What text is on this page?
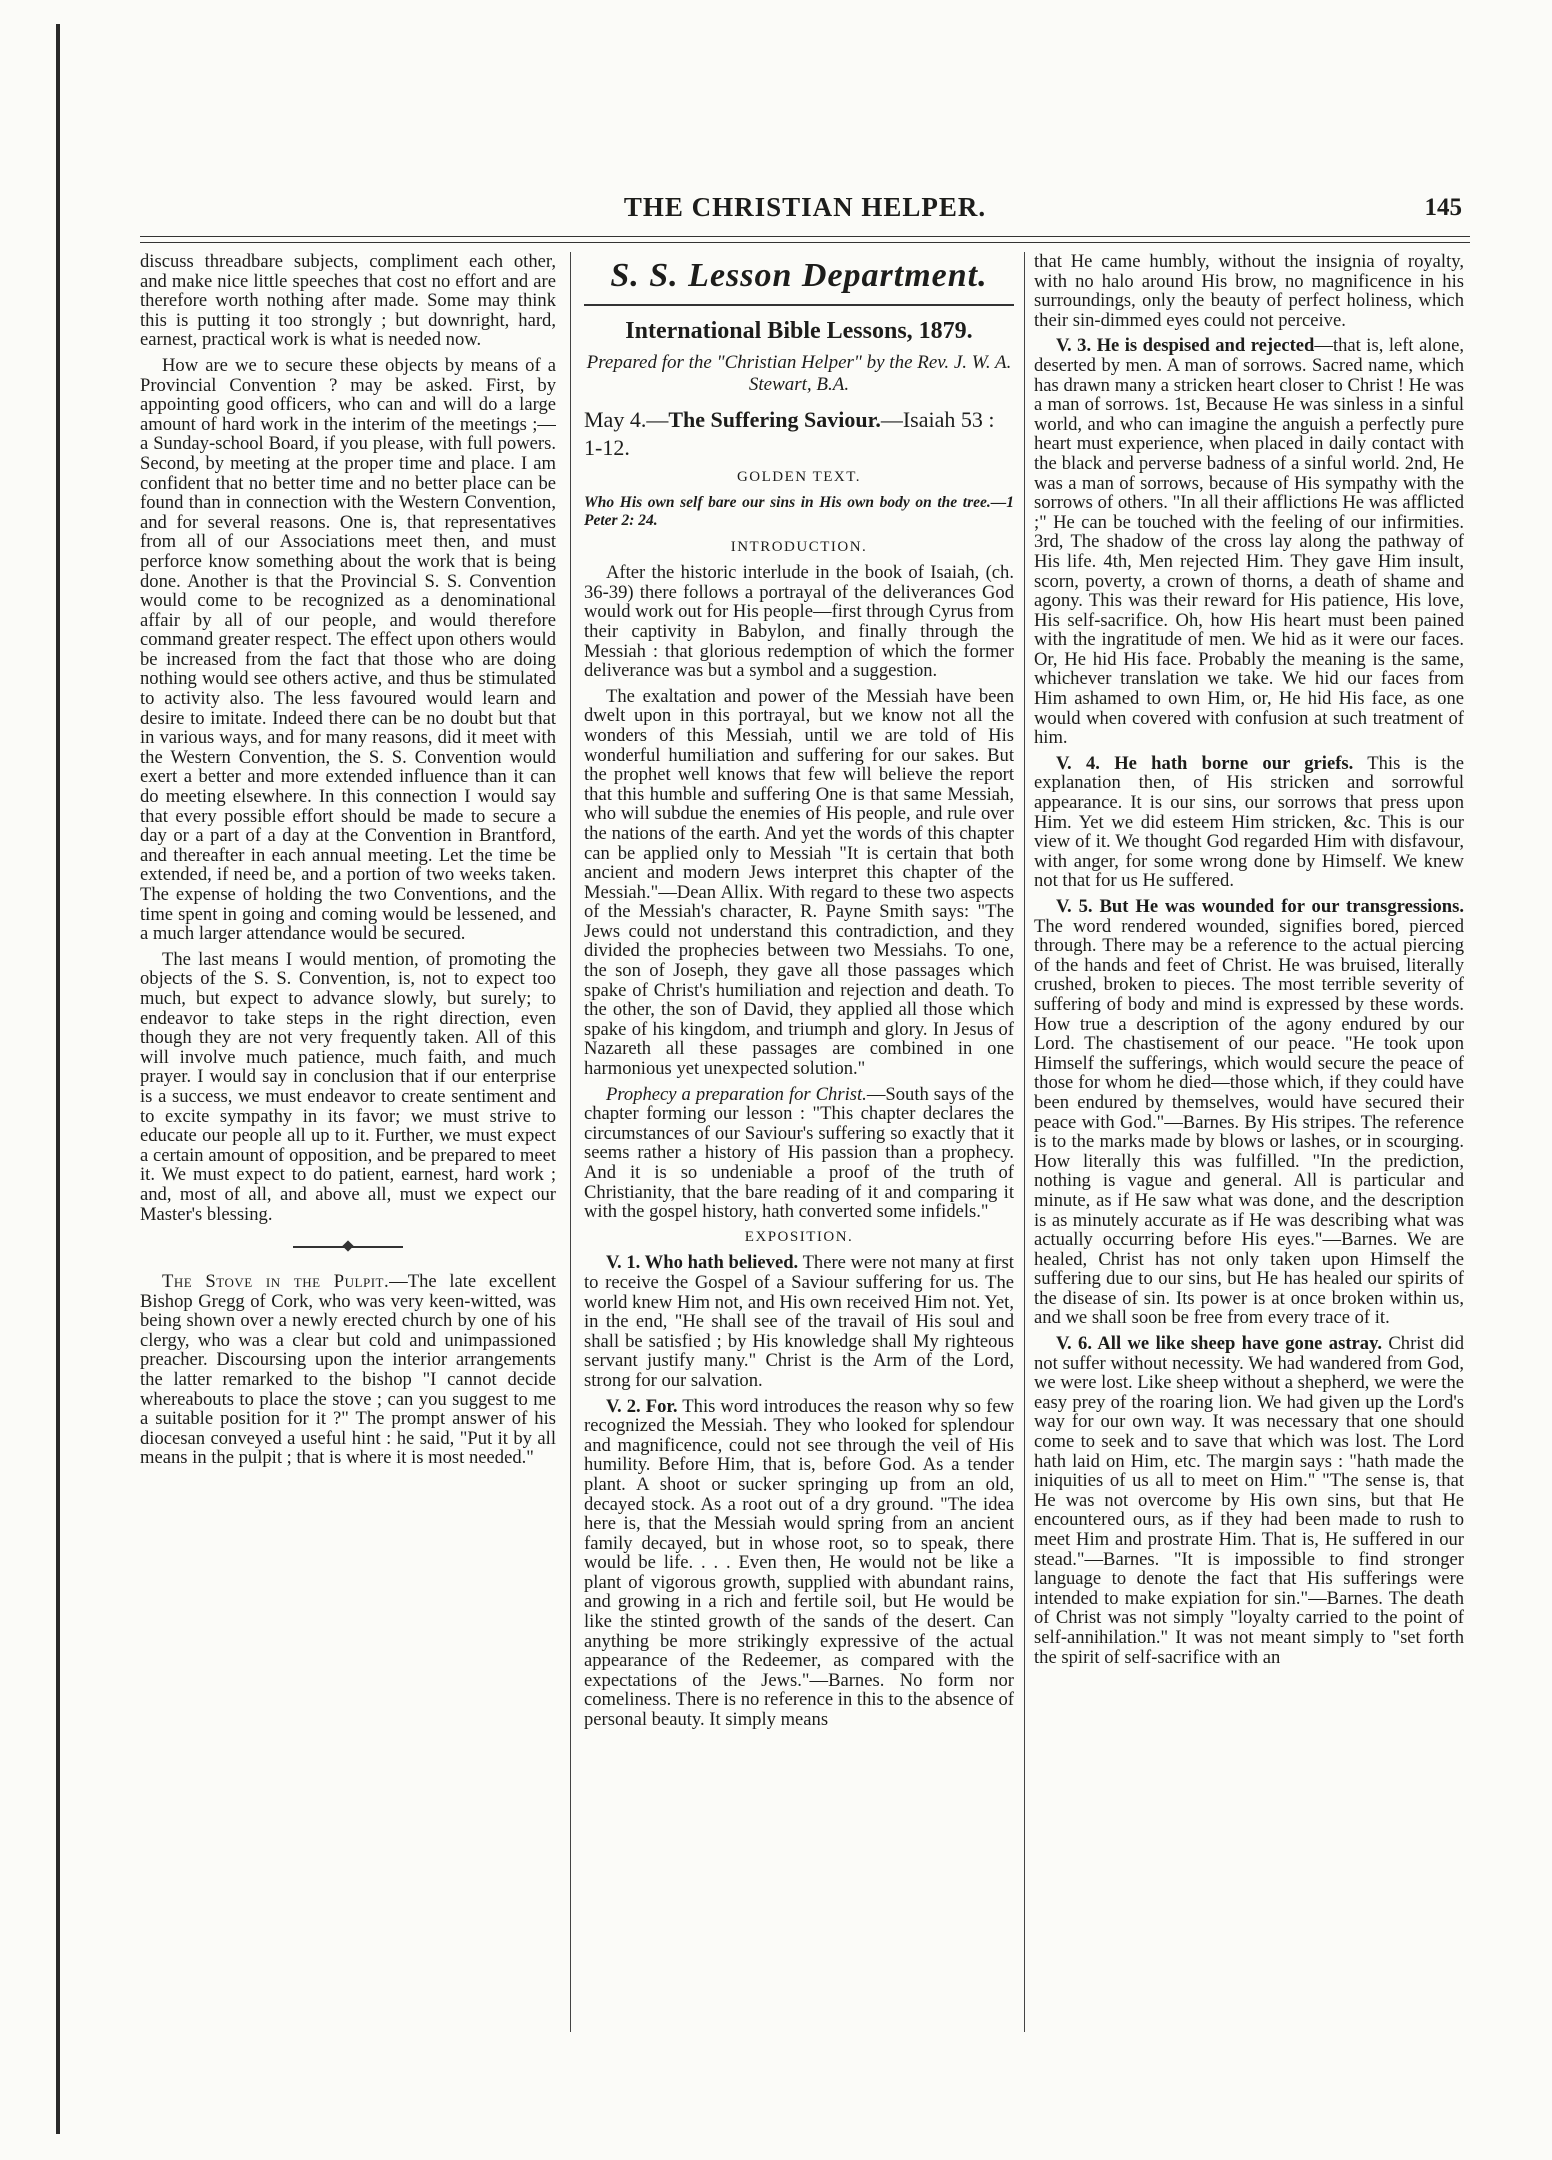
THE CHRISTIAN HELPER.	145

discuss threadbare subjects, compliment each other, and make nice little speeches that cost no effort and are therefore worth nothing after made. Some may think this is putting it too strongly ; but downright, hard, earnest, practical work is what is needed now.

How are we to secure these objects by means of a Provincial Convention ? may be asked. First, by appointing good officers, who can and will do a large amount of hard work in the interim of the meetings ;—a Sunday-school Board, if you please, with full powers. Second, by meeting at the proper time and place. I am confident that no better time and no better place can be found than in connection with the Western Convention, and for several reasons. One is, that representatives from all of our Associations meet then, and must perforce know something about the work that is being done. Another is that the Provincial S. S. Convention would come to be recognized as a denominational affair by all of our people, and would therefore command greater respect. The effect upon others would be increased from the fact that those who are doing nothing would see others active, and thus be stimulated to activity also. The less favoured would learn and desire to imitate. Indeed there can be no doubt but that in various ways, and for many reasons, did it meet with the Western Convention, the S. S. Convention would exert a better and more extended influence than it can do meeting elsewhere. In this connection I would say that every possible effort should be made to secure a day or a part of a day at the Convention in Brantford, and thereafter in each annual meeting. Let the time be extended, if need be, and a portion of two weeks taken. The expense of holding the two Conventions, and the time spent in going and coming would be lessened, and a much larger attendance would be secured.

The last means I would mention, of promoting the objects of the S. S. Convention, is, not to expect too much, but expect to advance slowly, but surely; to endeavor to take steps in the right direction, even though they are not very frequently taken. All of this will involve much patience, much faith, and much prayer. I would say in conclusion that if our enterprise is a success, we must endeavor to create sentiment and to excite sympathy in its favor; we must strive to educate our people all up to it. Further, we must expect a certain amount of opposition, and be prepared to meet it. We must expect to do patient, earnest, hard work ; and, most of all, and above all, must we expect our Master's blessing.

The Stove in the Pulpit.—The late excellent Bishop Gregg of Cork, who was very keen-witted, was being shown over a newly erected church by one of his clergy, who was a clear but cold and unimpassioned preacher. Discoursing upon the interior arrangements the latter remarked to the bishop "I cannot decide whereabouts to place the stove ; can you suggest to me a suitable position for it ?" The prompt answer of his diocesan conveyed a useful hint : he said, "Put it by all means in the pulpit ; that is where it is most needed."

S. S. Lesson Department.
International Bible Lessons, 1879.
Prepared for the "Christian Helper" by the Rev. J. W. A. Stewart, B.A.
May 4.—The Suffering Saviour.—Isaiah 53 : 1-12.
GOLDEN TEXT.
Who His own self bare our sins in His own body on the tree.—1 Peter 2: 24.
INTRODUCTION.

After the historic interlude in the book of Isaiah, (ch. 36-39) there follows a portrayal of the deliverances God would work out for His people—first through Cyrus from their captivity in Babylon, and finally through the Messiah : that glorious redemption of which the former deliverance was but a symbol and a suggestion.

The exaltation and power of the Messiah have been dwelt upon in this portrayal, but we know not all the wonders of this Messiah, until we are told of His wonderful humiliation and suffering for our sakes. But the prophet well knows that few will believe the report that this humble and suffering One is that same Messiah, who will subdue the enemies of His people, and rule over the nations of the earth. And yet the words of this chapter can be applied only to Messiah "It is certain that both ancient and modern Jews interpret this chapter of the Messiah."—Dean Allix. With regard to these two aspects of the Messiah's character, R. Payne Smith says: "The Jews could not understand this contradiction, and they divided the prophecies between two Messiahs. To one, the son of Joseph, they gave all those passages which spake of Christ's humiliation and rejection and death. To the other, the son of David, they applied all those which spake of his kingdom, and triumph and glory. In Jesus of Nazareth all these passages are combined in one harmonious yet unexpected solution."

Prophecy a preparation for Christ.—South says of the chapter forming our lesson : "This chapter declares the circumstances of our Saviour's suffering so exactly that it seems rather a history of His passion than a prophecy. And it is so undeniable a proof of the truth of Christianity, that the bare reading of it and comparing it with the gospel history, hath converted some infidels."

EXPOSITION.

V. 1. Who hath believed. There were not many at first to receive the Gospel of a Saviour suffering for us. The world knew Him not, and His own received Him not. Yet, in the end, "He shall see of the travail of His soul and shall be satisfied ; by His knowledge shall My righteous servant justify many." Christ is the Arm of the Lord, strong for our salvation.

V. 2. For. This word introduces the reason why so few recognized the Messiah. They who looked for splendour and magnificence, could not see through the veil of His humility. Before Him, that is, before God. As a tender plant. A shoot or sucker springing up from an old, decayed stock. As a root out of a dry ground. "The idea here is, that the Messiah would spring from an ancient family decayed, but in whose root, so to speak, there would be life. . . . Even then, He would not be like a plant of vigorous growth, supplied with abundant rains, and growing in a rich and fertile soil, but He would be like the stinted growth of the sands of the desert. Can anything be more strikingly expressive of the actual appearance of the Redeemer, as compared with the expectations of the Jews."—Barnes. No form nor comeliness. There is no reference in this to the absence of personal beauty. It simply means

that He came humbly, without the insignia of royalty, with no halo around His brow, no magnificence in his surroundings, only the beauty of perfect holiness, which their sin-dimmed eyes could not perceive.

V. 3. He is despised and rejected—that is, left alone, deserted by men. A man of sorrows. Sacred name, which has drawn many a stricken heart closer to Christ ! He was a man of sorrows. 1st, Because He was sinless in a sinful world, and who can imagine the anguish a perfectly pure heart must experience, when placed in daily contact with the black and perverse badness of a sinful world. 2nd, He was a man of sorrows, because of His sympathy with the sorrows of others. "In all their afflictions He was afflicted ;" He can be touched with the feeling of our infirmities. 3rd, The shadow of the cross lay along the pathway of His life. 4th, Men rejected Him. They gave Him insult, scorn, poverty, a crown of thorns, a death of shame and agony. This was their reward for His patience, His love, His self-sacrifice. Oh, how His heart must been pained with the ingratitude of men. We hid as it were our faces. Or, He hid His face. Probably the meaning is the same, whichever translation we take. We hid our faces from Him ashamed to own Him, or, He hid His face, as one would when covered with confusion at such treatment of him.

V. 4. He hath borne our griefs. This is the explanation then, of His stricken and sorrowful appearance. It is our sins, our sorrows that press upon Him. Yet we did esteem Him stricken, &c. This is our view of it. We thought God regarded Him with disfavour, with anger, for some wrong done by Himself. We knew not that for us He suffered.

V. 5. But He was wounded for our transgressions. The word rendered wounded, signifies bored, pierced through. There may be a reference to the actual piercing of the hands and feet of Christ. He was bruised, literally crushed, broken to pieces. The most terrible severity of suffering of body and mind is expressed by these words. How true a description of the agony endured by our Lord. The chastisement of our peace. "He took upon Himself the sufferings, which would secure the peace of those for whom he died—those which, if they could have been endured by themselves, would have secured their peace with God."—Barnes. By His stripes. The reference is to the marks made by blows or lashes, or in scourging. How literally this was fulfilled. "In the prediction, nothing is vague and general. All is particular and minute, as if He saw what was done, and the description is as minutely accurate as if He was describing what was actually occurring before His eyes."—Barnes. We are healed, Christ has not only taken upon Himself the suffering due to our sins, but He has healed our spirits of the disease of sin. Its power is at once broken within us, and we shall soon be free from every trace of it.

V. 6. All we like sheep have gone astray. Christ did not suffer without necessity. We had wandered from God, we were lost. Like sheep without a shepherd, we were the easy prey of the roaring lion. We had given up the Lord's way for our own way. It was necessary that one should come to seek and to save that which was lost. The Lord hath laid on Him, etc. The margin says : "hath made the iniquities of us all to meet on Him." "The sense is, that He was not overcome by His own sins, but that He encountered ours, as if they had been made to rush to meet Him and prostrate Him. That is, He suffered in our stead."—Barnes. "It is impossible to find stronger language to denote the fact that His sufferings were intended to make expiation for sin."—Barnes. The death of Christ was not simply "loyalty carried to the point of self-annihilation." It was not meant simply to "set forth the spirit of self-sacrifice with an
